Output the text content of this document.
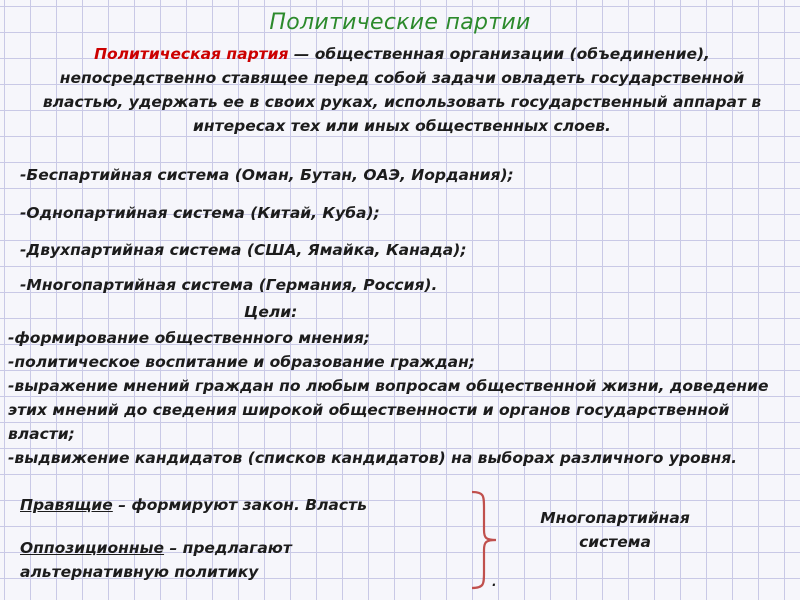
Политические партии
Политическая партия — общественная организации (объединение), непосредственно ставящее перед собой задачи овладеть государственной властью, удержать ее в своих руках, использовать государственный аппарат в интересах тех или иных общественных слоев.
-Беспартийная система (Оман, Бутан, ОАЭ, Иордания);
-Однопартийная система (Китай, Куба);
-Двухпартийная система (США, Ямайка, Канада);
-Многопартийная система (Германия, Россия).
Цели:

-формирование общественного мнения;

-политическое воспитание и образование граждан;

-выражение мнений граждан по любым вопросам общественной жизни, доведение этих мнений до сведения широкой общественности и органов государственной власти;

-выдвижение кандидатов (списков кандидатов) на выборах различного уровня.

Правящие – формируют закон. Власть
Оппозиционные – предлагают альтернативную политику
Многопартийная система
.
